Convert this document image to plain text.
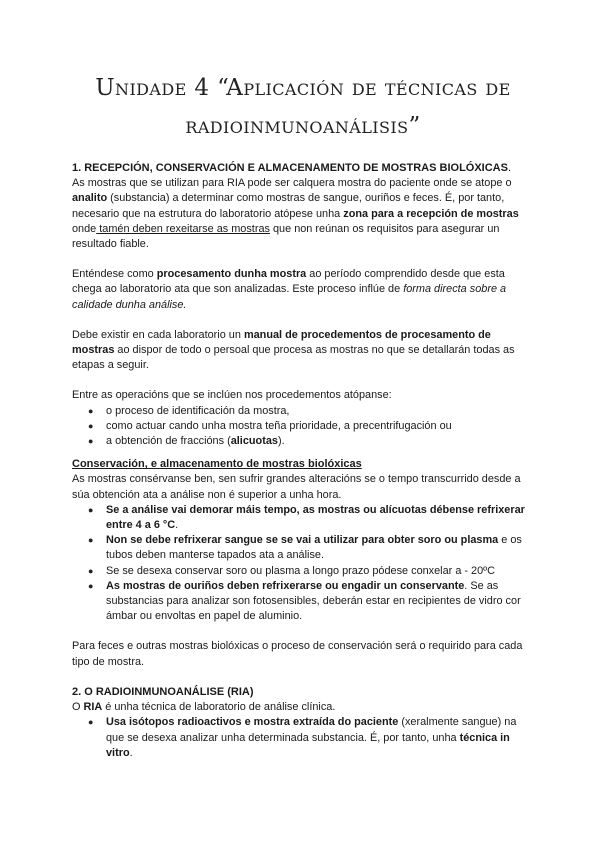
Unidade 4 “Aplicación de técnicas de
radioinmunoanálisis”

1. RECEPCIÓN, CONSERVACIÓN E ALMACENAMENTO DE MOSTRAS BIOLÓXICAS.

As mostras que se utilizan para RIA pode ser calquera mostra do paciente onde se atope o analito (substancia) a determinar como mostras de sangue, ouriños e feces. É, por tanto, necesario que na estrutura do laboratorio atópese unha zona para a recepción de mostras onde tamén deben rexeitarse as mostras que non reúnan os requisitos para asegurar un resultado fiable.

Enténdese como procesamento dunha mostra ao período comprendido desde que esta chega ao laboratorio ata que son analizadas. Este proceso inflúe de forma directa sobre a calidade dunha análise.

Debe existir en cada laboratorio un manual de procedementos de procesamento de mostras ao dispor de todo o persoal que procesa as mostras no que se detallarán todas as etapas a seguir.

Entre as operacións que se inclúen nos procedementos atópanse:

● o proceso de identificación da mostra,
● como actuar cando unha mostra teña prioridade, a precentrifugación ou
● a obtención de fraccións (alicuotas).

Conservación, e almacenamento de mostras biolóxicas

As mostras consérvanse ben, sen sufrir grandes alteracións se o tempo transcurrido desde a súa obtención ata a análise non é superior a unha hora.

● Se a análise vai demorar máis tempo, as mostras ou alícuotas débense refrixerar entre 4 a 6 °C.
● Non se debe refrixerar sangue se se vai a utilizar para obter soro ou plasma e os tubos deben manterse tapados ata a análise.
● Se se desexa conservar soro ou plasma a longo prazo pódese conxelar a - 20ºC
● As mostras de ouriños deben refrixerarse ou engadir un conservante. Se as substancias para analizar son fotosensibles, deberán estar en recipientes de vidro cor ámbar ou envoltas en papel de aluminio.

Para feces e outras mostras biolóxicas o proceso de conservación será o requirido para cada tipo de mostra.

2. O RADIOINMUNOANÁLISE (RIA)

O RIA é unha técnica de laboratorio de análise clínica.

● Usa isótopos radioactivos e mostra extraída do paciente (xeralmente sangue) na que se desexa analizar unha determinada substancia. É, por tanto, unha técnica in vitro.
